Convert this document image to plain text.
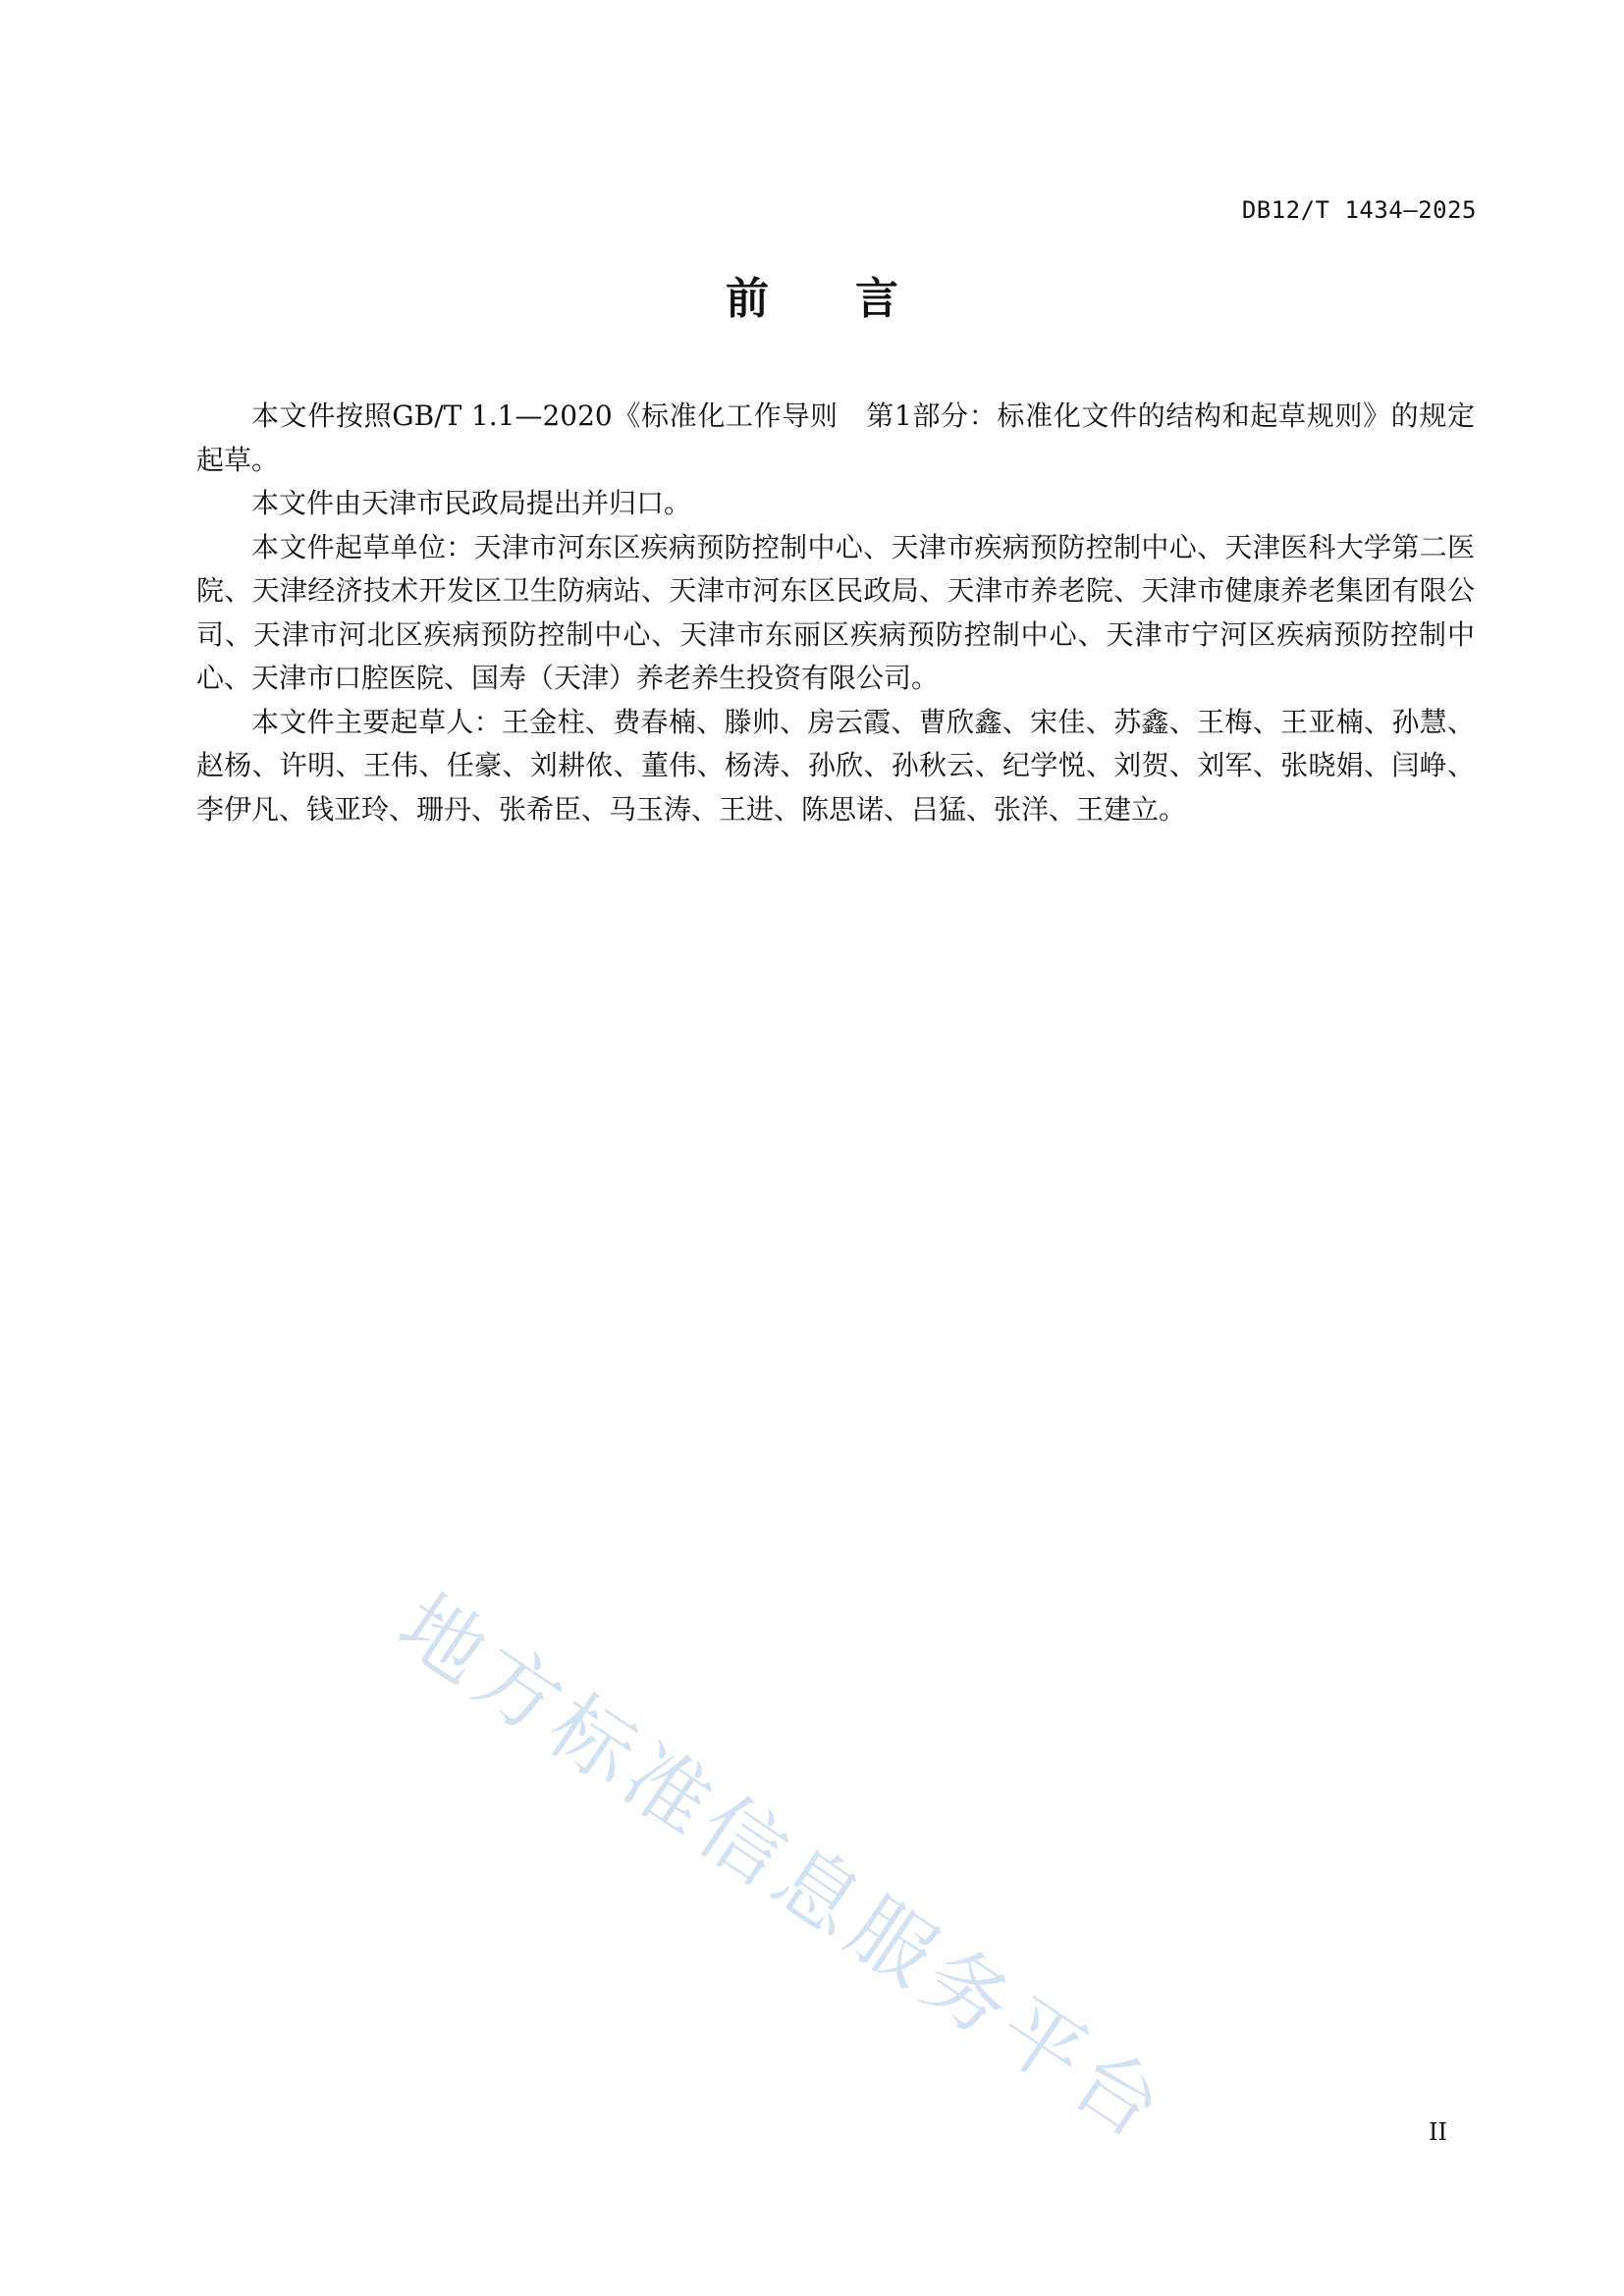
DB12/T 1434—2025
前言

本文件按照GB/T 1.1—2020《标准化工作导则　第1部分：标准化文件的结构和起草规则》的规定起草。

本文件由天津市民政局提出并归口。

本文件起草单位：天津市河东区疾病预防控制中心、天津市疾病预防控制中心、天津医科大学第二医院、天津经济技术开发区卫生防病站、天津市河东区民政局、天津市养老院、天津市健康养老集团有限公司、天津市河北区疾病预防控制中心、天津市东丽区疾病预防控制中心、天津市宁河区疾病预防控制中心、天津市口腔医院、国寿（天津）养老养生投资有限公司。

本文件主要起草人：王金柱、费春楠、滕帅、房云霞、曹欣鑫、宋佳、苏鑫、王梅、王亚楠、孙慧、赵杨、许明、王伟、任豪、刘耕侬、董伟、杨涛、孙欣、孙秋云、纪学悦、刘贺、刘军、张晓娟、闫峥、李伊凡、钱亚玲、珊丹、张希臣、马玉涛、王进、陈思诺、吕猛、张洋、王建立。

地方标准信息服务平台	II
